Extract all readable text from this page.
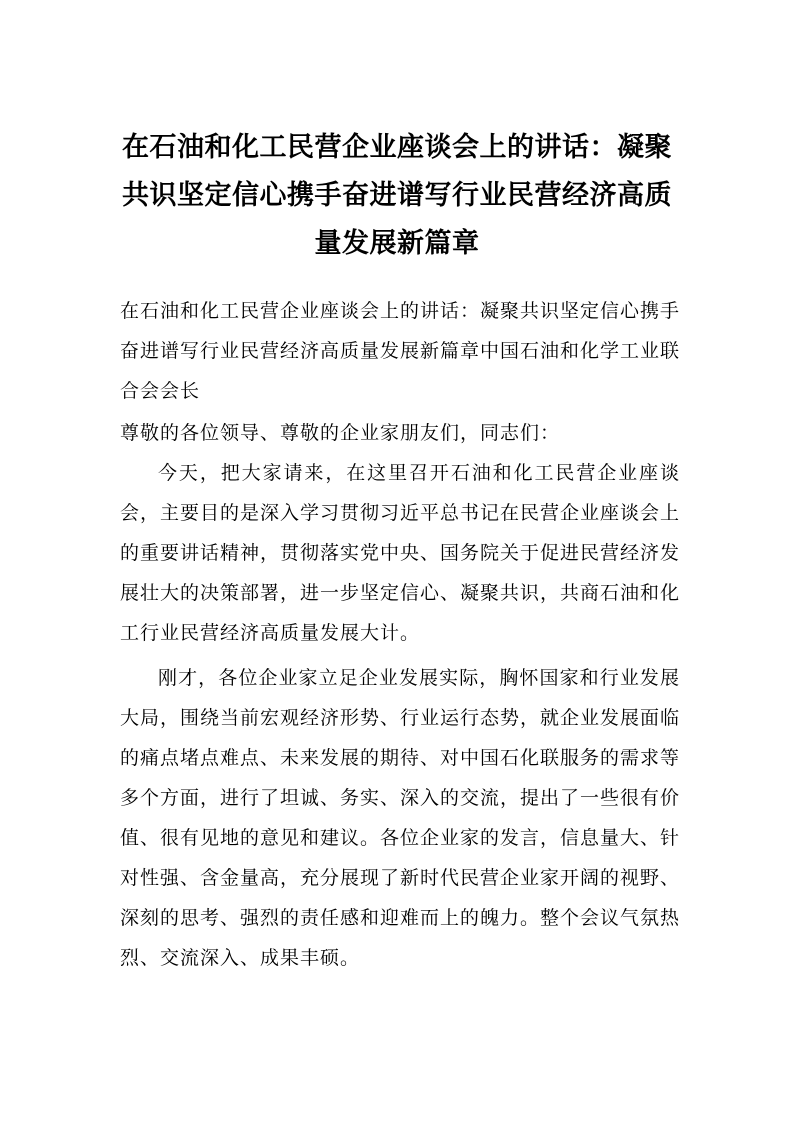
在石油和化工民营企业座谈会上的讲话：凝聚共识坚定信心携手奋进谱写行业民营经济高质量发展新篇章

在石油和化工民营企业座谈会上的讲话：凝聚共识坚定信心携手奋进谱写行业民营经济高质量发展新篇章中国石油和化学工业联合会会长

尊敬的各位领导、尊敬的企业家朋友们，同志们：

今天，把大家请来，在这里召开石油和化工民营企业座谈会，主要目的是深入学习贯彻习近平总书记在民营企业座谈会上的重要讲话精神，贯彻落实党中央、国务院关于促进民营经济发展壮大的决策部署，进一步坚定信心、凝聚共识，共商石油和化工行业民营经济高质量发展大计。

刚才，各位企业家立足企业发展实际，胸怀国家和行业发展大局，围绕当前宏观经济形势、行业运行态势，就企业发展面临的痛点堵点难点、未来发展的期待、对中国石化联服务的需求等多个方面，进行了坦诚、务实、深入的交流，提出了一些很有价值、很有见地的意见和建议。各位企业家的发言，信息量大、针对性强、含金量高，充分展现了新时代民营企业家开阔的视野、深刻的思考、强烈的责任感和迎难而上的魄力。整个会议气氛热烈、交流深入、成果丰硕。
